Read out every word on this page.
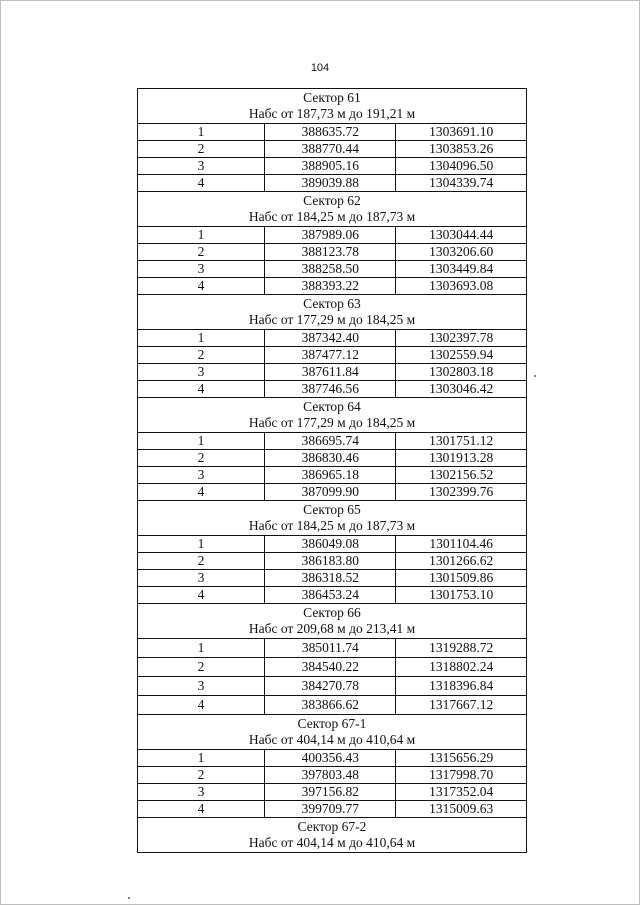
104
Сектор 61
Набс от 187,73 м до 191,21 м		

1	388635.72	1303691.10
2	388770.44	1303853.26
3	388905.16	1304096.50
4	389039.88	1304339.74

Сектор 62
Набс от 184,25 м до 187,73 м		

1	387989.06	1303044.44
2	388123.78	1303206.60
3	388258.50	1303449.84
4	388393.22	1303693.08

Сектор 63
Набс от 177,29 м до 184,25 м		

1	387342.40	1302397.78
2	387477.12	1302559.94
3	387611.84	1302803.18
4	387746.56	1303046.42

Сектор 64
Набс от 177,29 м до 184,25 м		

1	386695.74	1301751.12
2	386830.46	1301913.28
3	386965.18	1302156.52
4	387099.90	1302399.76

Сектор 65
Набс от 184,25 м до 187,73 м		

1	386049.08	1301104.46
2	386183.80	1301266.62
3	386318.52	1301509.86
4	386453.24	1301753.10

Сектор 66
Набс от 209,68 м до 213,41 м		

1	385011.74	1319288.72
2	384540.22	1318802.24
3	384270.78	1318396.84
4	383866.62	1317667.12

Сектор 67-1
Набс от 404,14 м до 410,64 м		

1	400356.43	1315656.29
2	397803.48	1317998.70
3	397156.82	1317352.04
4	399709.77	1315009.63

Сектор 67-2
Набс от 404,14 м до 410,64 м		
